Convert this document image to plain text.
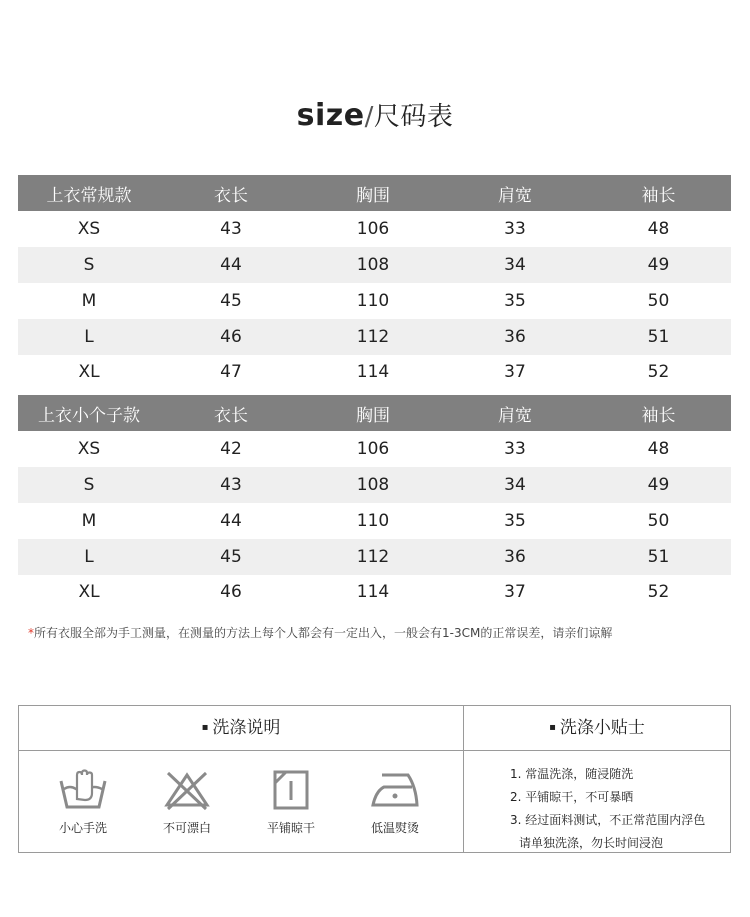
size/尺码表
上衣常规款	衣长	胸围	肩宽	袖长
XS	43	106	33	48
S	44	108	34	49
M	45	110	35	50
L	46	112	36	51
XL	47	114	37	52
上衣小个子款	衣长	胸围	肩宽	袖长
XS	42	106	33	48
S	43	108	34	49
M	44	110	35	50
L	45	112	36	51
XL	46	114	37	52
*所有衣服全部为手工测量，在测量的方法上每个人都会有一定出入，一般会有1-3CM的正常误差，请亲们谅解
▪ 洗涤说明
小心手洗	不可漂白	平铺晾干	低温熨烫
▪ 洗涤小贴士
1. 常温洗涤，随浸随洗
2. 平铺晾干，不可暴晒
3. 经过面料测试，不正常范围内浮色
请单独洗涤，勿长时间浸泡
